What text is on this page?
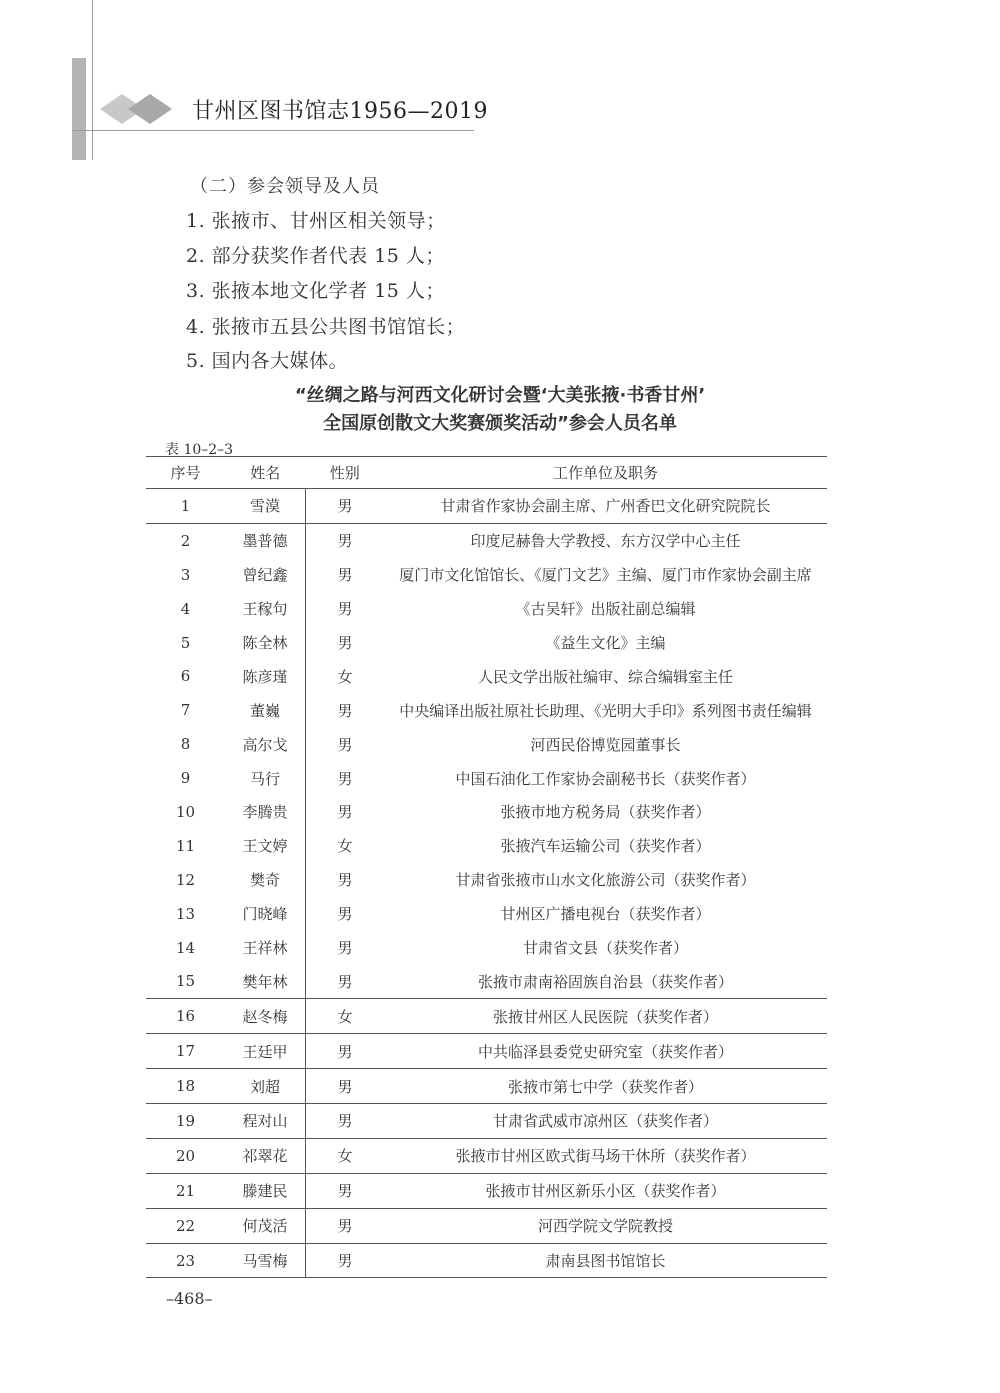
甘州区图书馆志1956—2019
（二）参会领导及人员
1. 张掖市、甘州区相关领导；
2. 部分获奖作者代表 15 人；
3. 张掖本地文化学者 15 人；
4. 张掖市五县公共图书馆馆长；
5. 国内各大媒体。
“丝绸之路与河西文化研讨会暨‘大美张掖·书香甘州’
全国原创散文大奖赛颁奖活动”参会人员名单
表 10–2–3
序号	姓名	性别	工作单位及职务
1	雪漠	男	甘肃省作家协会副主席、广州香巴文化研究院院长
2	墨普德	男	印度尼赫鲁大学教授、东方汉学中心主任
3	曾纪鑫	男	厦门市文化馆馆长、《厦门文艺》主编、厦门市作家协会副主席
4	王稼句	男	《古吴轩》出版社副总编辑
5	陈全林	男	《益生文化》主编
6	陈彦瑾	女	人民文学出版社编审、综合编辑室主任
7	董巍	男	中央编译出版社原社长助理、《光明大手印》系列图书责任编辑
8	高尔戈	男	河西民俗博览园董事长
9	马行	男	中国石油化工作家协会副秘书长（获奖作者）
10	李腾贵	男	张掖市地方税务局（获奖作者）
11	王文婷	女	张掖汽车运输公司（获奖作者）
12	樊奇	男	甘肃省张掖市山水文化旅游公司（获奖作者）
13	门晓峰	男	甘州区广播电视台（获奖作者）
14	王祥林	男	甘肃省文县（获奖作者）
15	樊年林	男	张掖市肃南裕固族自治县（获奖作者）
16	赵冬梅	女	张掖甘州区人民医院（获奖作者）
17	王廷甲	男	中共临泽县委党史研究室（获奖作者）
18	刘超	男	张掖市第七中学（获奖作者）
19	程对山	男	甘肃省武威市凉州区（获奖作者）
20	祁翠花	女	张掖市甘州区欧式街马场干休所（获奖作者）
21	滕建民	男	张掖市甘州区新乐小区（获奖作者）
22	何茂活	男	河西学院文学院教授
23	马雪梅	男	肃南县图书馆馆长
–468–
